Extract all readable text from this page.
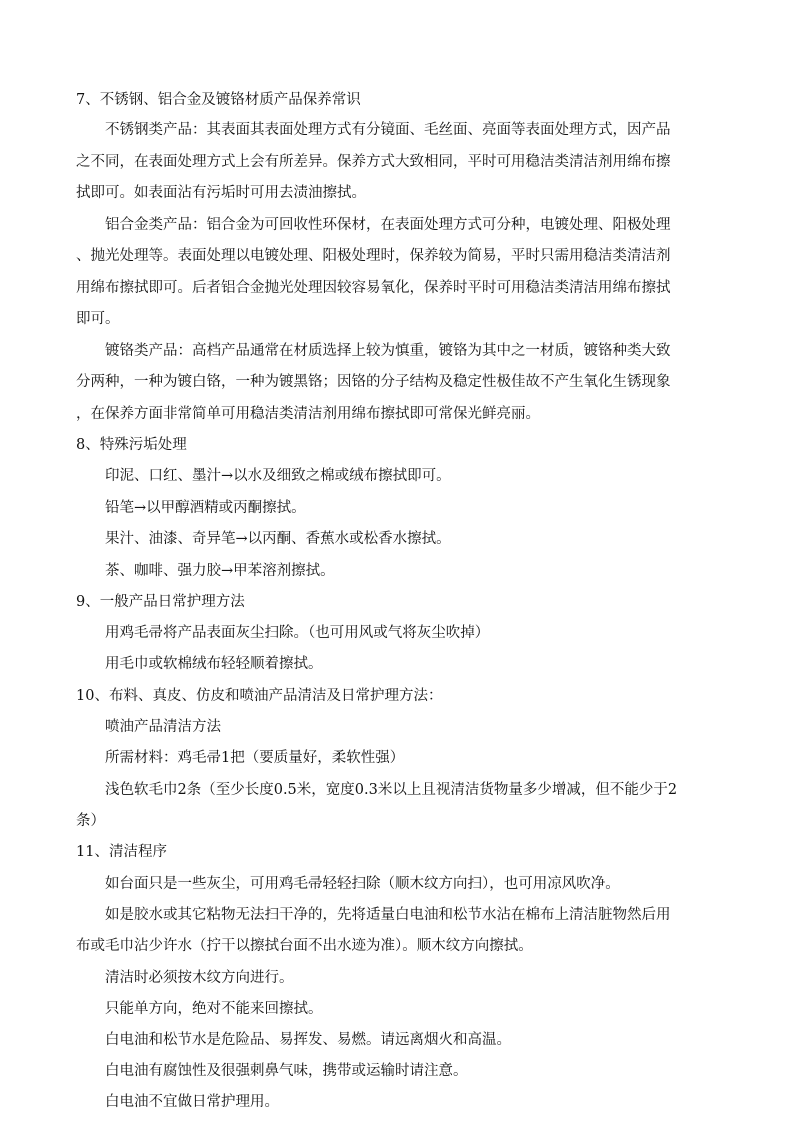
7、不锈钢、铝合金及镀铬材质产品保养常识
不锈钢类产品：其表面其表面处理方式有分镜面、毛丝面、亮面等表面处理方式，因产品
之不同，在表面处理方式上会有所差异。保养方式大致相同，平时可用稳洁类清洁剂用绵布擦
拭即可。如表面沾有污垢时可用去渍油擦拭。
铝合金类产品：铝合金为可回收性环保材，在表面处理方式可分种，电镀处理、阳极处理
、抛光处理等。表面处理以电镀处理、阳极处理时，保养较为简易，平时只需用稳洁类清洁剂
用绵布擦拭即可。后者铝合金抛光处理因较容易氧化，保养时平时可用稳洁类清洁用绵布擦拭
即可。
镀铬类产品：高档产品通常在材质选择上较为慎重，镀铬为其中之一材质，镀铬种类大致
分两种，一种为镀白铬，一种为镀黑铬；因铬的分子结构及稳定性极佳故不产生氧化生锈现象
，在保养方面非常简单可用稳洁类清洁剂用绵布擦拭即可常保光鲜亮丽。
8、特殊污垢处理
印泥、口红、墨汁→以水及细致之棉或绒布擦拭即可。
铅笔→以甲醇酒精或丙酮擦拭。
果汁、油漆、奇异笔→以丙酮、香蕉水或松香水擦拭。
茶、咖啡、强力胶→甲苯溶剂擦拭。
9、一般产品日常护理方法
用鸡毛帚将产品表面灰尘扫除。（也可用风或气将灰尘吹掉）
用毛巾或软棉绒布轻轻顺着擦拭。
10、布料、真皮、仿皮和喷油产品清洁及日常护理方法：
喷油产品清洁方法
所需材料：鸡毛帚1把（要质量好，柔软性强）
浅色软毛巾2条（至少长度0.5米，宽度0.3米以上且视清洁货物量多少增减，但不能少于2
条）
11、清洁程序
如台面只是一些灰尘，可用鸡毛帚轻轻扫除（顺木纹方向扫），也可用凉风吹净。
如是胶水或其它粘物无法扫干净的，先将适量白电油和松节水沾在棉布上清洁脏物然后用
布或毛巾沾少许水（拧干以擦拭台面不出水迹为准）。顺木纹方向擦拭。
清洁时必须按木纹方向进行。
只能单方向，绝对不能来回擦拭。
白电油和松节水是危险品、易挥发、易燃。请远离烟火和高温。
白电油有腐蚀性及很强刺鼻气味，携带或运输时请注意。
白电油不宜做日常护理用。
